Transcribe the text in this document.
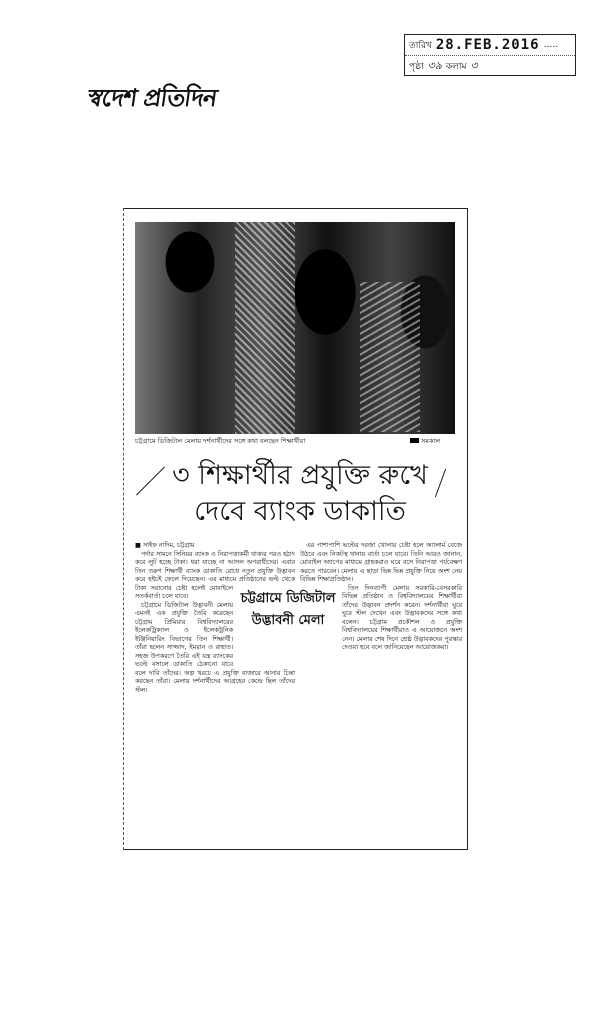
তারিখ 28.FEB.2016 …..
পৃষ্ঠা ৩৯ কলাম ৩
স্বদেশ প্রতিদিন
চট্টগ্রামে ডিজিটাল মেলায় দর্শনার্থীদের সঙ্গে কথা বলছেন শিক্ষার্থীরা	সমকাল
৩ শিক্ষার্থীর প্রযুক্তি রুখে
দেবে ব্যাংক ডাকাতি
■ সাইফ নাদিম, চট্টগ্রাম

পর্দার সামনে সিনিয়র ব্যাংক ও নিরাপত্তাকর্মী থাকার পরও হঠাৎ করে লুট হচ্ছে টাকা। ধরা যাচ্ছে না আসল অপরাধীদের। এবার তিন তরুণ শিক্ষার্থী ব্যাংক ডাকাতি রোধে নতুন প্রযুক্তি উদ্ভাবন করে হইচই ফেলে দিয়েছেন। এর মাধ্যমে প্রতিষ্ঠানের ভল্ট থেকে টাকা সরানোর চেষ্টা হলেই মোবাইলে সতর্কবার্তা চলে যাবে।

চট্টগ্রামে ডিজিটাল উদ্ভাবনী মেলায় এমনই এক প্রযুক্তি তৈরি করেছেন চট্টগ্রাম প্রিমিয়ার বিশ্ববিদ্যালয়ের ইলেকট্রিক্যাল ও ইলেকট্রনিক ইঞ্জিনিয়ারিং বিভাগের তিন শিক্ষার্থী। তাঁরা হলেন সাজ্জাদ, ইমরান ও রাহাত। সহজ উপকরণে তৈরি এই যন্ত্র ব্যাংকের ভল্টে বসালে ডাকাতি ঠেকানো যাবে বলে দাবি তাঁদের। অল্প খরচে এ প্রযুক্তি বাজারে আনার চিন্তা করছেন তাঁরা। মেলায় দর্শনার্থীদের আগ্রহের কেন্দ্রে ছিল তাঁদের স্টল।

এর পাশাপাশি ভল্টের দরজা খোলার চেষ্টা হলে অ্যালার্ম বেজে উঠবে এবং নিকটস্থ থানায় বার্তা চলে যাবে। তিনি আরও জানান, মোবাইল অ্যাপের মাধ্যমে গ্রাহকরাও ঘরে বসে নিরাপত্তা পর্যবেক্ষণ করতে পারবেন। মেলায় এ ছাড়া ভিন্ন ভিন্ন প্রযুক্তি নিয়ে অংশ নেয় বিভিন্ন শিক্ষাপ্রতিষ্ঠান।

তিন দিনব্যাপী মেলায় সরকারি-বেসরকারি বিভিন্ন প্রতিষ্ঠান ও বিশ্ববিদ্যালয়ের শিক্ষার্থীরা তাঁদের উদ্ভাবন প্রদর্শন করেন। দর্শনার্থীরা ঘুরে ঘুরে স্টল দেখেন এবং উদ্ভাবকদের সঙ্গে কথা বলেন। চট্টগ্রাম প্রকৌশল ও প্রযুক্তি বিশ্ববিদ্যালয়ের শিক্ষার্থীরাও এ আয়োজনে অংশ নেন। মেলার শেষ দিনে শ্রেষ্ঠ উদ্ভাবকদের পুরস্কার দেওয়া হবে বলে জানিয়েছেন আয়োজকরা।

চট্টগ্রামে ডিজিটাল উদ্ভাবনী মেলা
